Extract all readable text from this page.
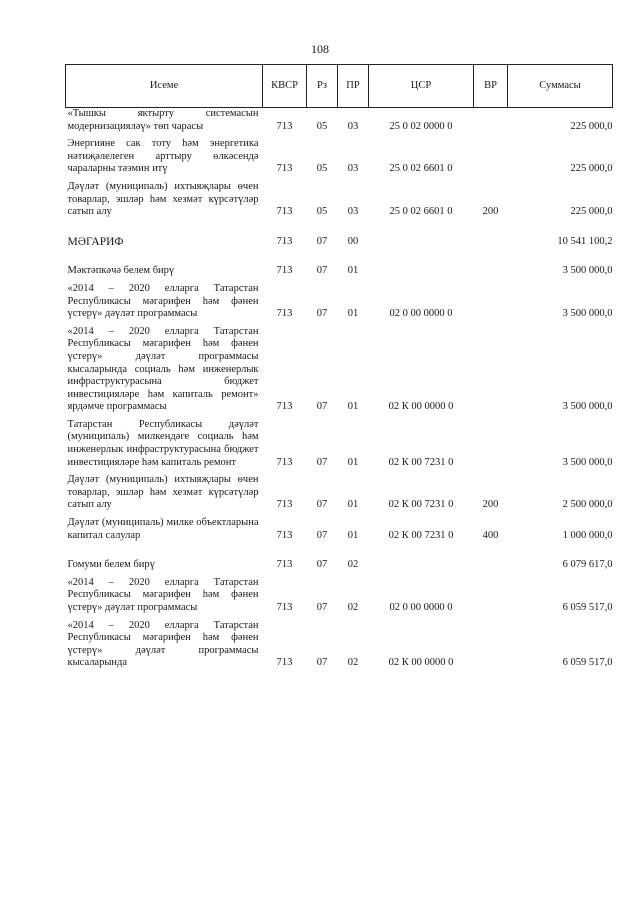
108
Исеме	КВСР	Рз	ПР	ЦСР	ВР	Суммасы
«Тышкы яктырту системасын модернизацияләү» төп чарасы	713	05	03	25 0 02 0000 0		225 000,0
Энергияне сак тоту һәм энергетика нәтиҗәлелеген арттыру өлкәсендә чараларны тәэмин итү	713	05	03	25 0 02 6601 0		225 000,0
Дәүләт (муниципаль) ихтыяҗлары өчен товарлар, эшләр һәм хезмәт күрсәтүләр сатып алу	713	05	03	25 0 02 6601 0	200	225 000,0
МӘГАРИФ	713	07	00			10 541 100,2
Мәктәпкәчә белем бирү	713	07	01			3 500 000,0
«2014 – 2020 елларга Татарстан Республикасы мәгарифен һәм фәнен үстерү» дәүләт программасы	713	07	01	02 0 00 0000 0		3 500 000,0
«2014 – 2020 елларга Татарстан Республикасы мәгарифен һәм фәнен үстерү» дәүләт программасы кысаларында социаль һәм инженерлык инфраструктурасына бюджет инвестицияләре һәм капиталь ремонт» ярдәмче программасы	713	07	01	02 К 00 0000 0		3 500 000,0
Татарстан Республикасы дәүләт (муниципаль) милкендәге социаль һәм инженерлык инфраструктурасына бюджет инвестицияләре һәм капиталь ремонт	713	07	01	02 К 00 7231 0		3 500 000,0
Дәүләт (муниципаль) ихтыяҗлары өчен товарлар, эшләр һәм хезмәт күрсәтүләр сатып алу	713	07	01	02 К 00 7231 0	200	2 500 000,0
Дәүләт (муниципаль) милке объектларына капитал салулар	713	07	01	02 К 00 7231 0	400	1 000 000,0
Гомуми белем бирү	713	07	02			6 079 617,0
«2014 – 2020 елларга Татарстан Республикасы мәгарифен һәм фәнен үстерү» дәүләт программасы	713	07	02	02 0 00 0000 0		6 059 517,0
«2014 – 2020 елларга Татарстан Республикасы мәгарифен һәм фәнен үстерү» дәүләт программасы кысаларында	713	07	02	02 К 00 0000 0		6 059 517,0
